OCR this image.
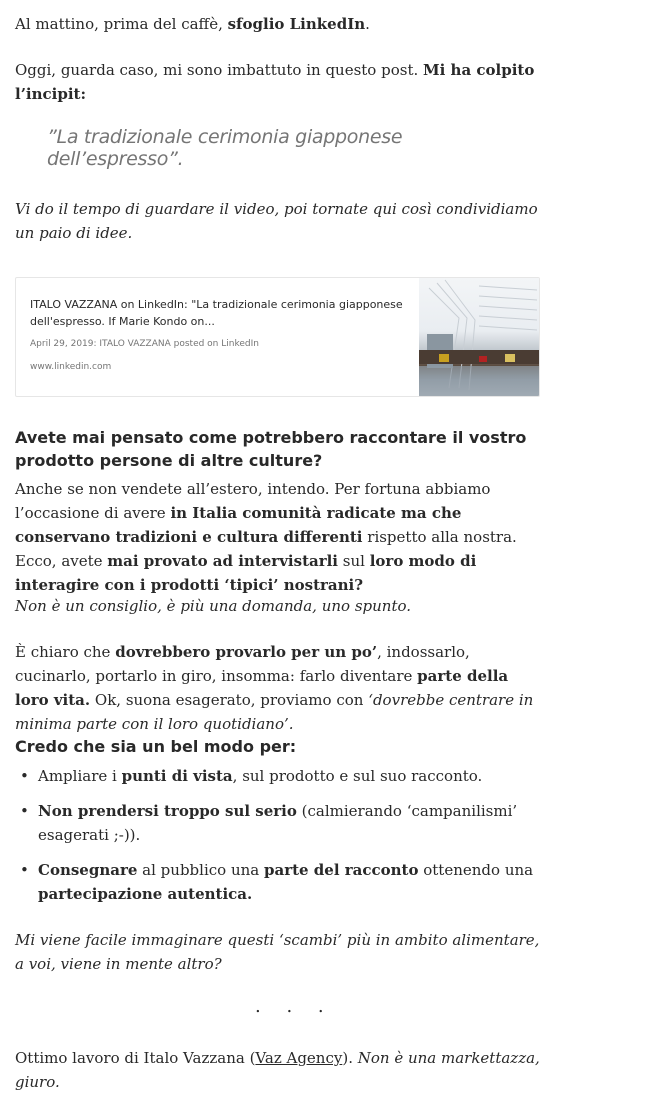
Al mattino, prima del caffè, sfoglio LinkedIn.

Oggi, guarda caso, mi sono imbattuto in questo post. Mi ha colpito l’incipit:

”La tradizionale cerimonia giapponese dell’espresso”.

Vi do il tempo di guardare il video, poi tornate qui così condividiamo un paio di idee.

ITALO VAZZANA on LinkedIn: "La tradizionale cerimonia giapponese dell'espresso. If Marie Kondo on...
April 29, 2019: ITALO VAZZANA posted on LinkedIn
www.linkedin.com
Avete mai pensato come potrebbero raccontare il vostro prodotto persone di altre culture?

Anche se non vendete all’estero, intendo. Per fortuna abbiamo l’occasione di avere in Italia comunità radicate ma che conservano tradizioni e cultura differenti rispetto alla nostra. Ecco, avete mai provato ad intervistarli sul loro modo di interagire con i prodotti ‘tipici’ nostrani?

Non è un consiglio, è più una domanda, uno spunto.

È chiaro che dovrebbero provarlo per un po’, indossarlo, cucinarlo, portarlo in giro, insomma: farlo diventare parte della loro vita. Ok, suona esagerato, proviamo con ‘dovrebbe centrare in minima parte con il loro quotidiano’.

Credo che sia un bel modo per:
• Ampliare i punti di vista, sul prodotto e sul suo racconto.
• Non prendersi troppo sul serio (calmierando ‘campanilismi’ esagerati ;-)).
• Consegnare al pubblico una parte del racconto ottenendo una partecipazione autentica.

Mi viene facile immaginare questi ‘scambi’ più in ambito alimentare, a voi, viene in mente altro?

. . .

Ottimo lavoro di Italo Vazzana (Vaz Agency). Non è una markettazza, giuro.
